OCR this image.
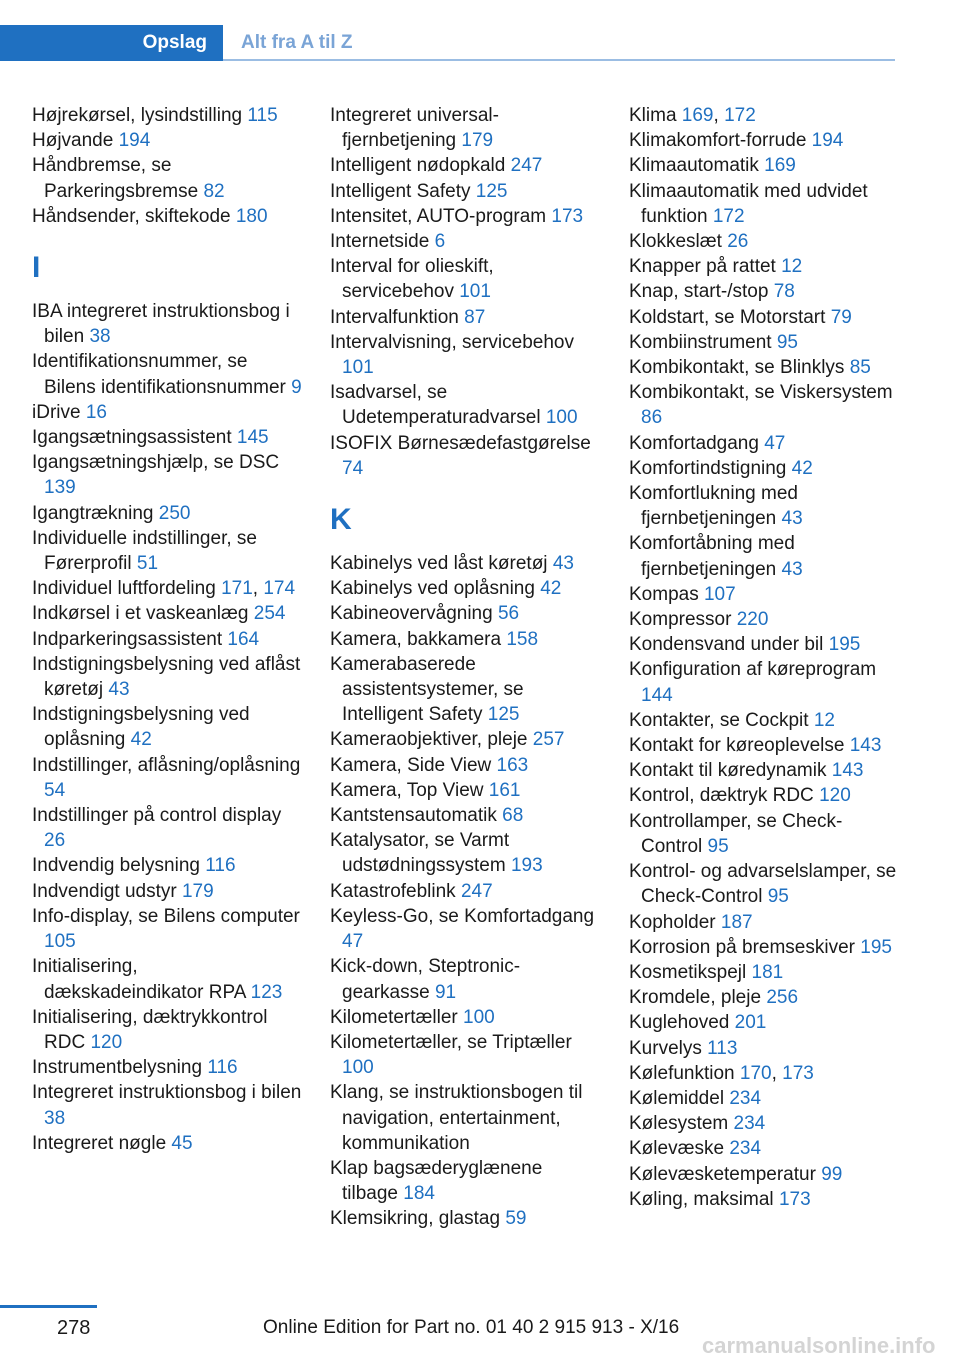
Opslag	Alt fra A til Z
Højrekørsel, lysindstilling 115
Højvande 194
Håndbremse, se Parkeringsbremse 82
Håndsender, skiftekode 180
I
IBA integreret instruktionsbog i bilen 38
Identifikationsnummer, se Bilens identifikationsnummer 9
iDrive 16
Igangsætningsassistent 145
Igangsætningshjælp, se DSC 139
Igangtrækning 250
Individuelle indstillinger, se Førerprofil 51
Individuel luftfordeling 171, 174
Indkørsel i et vaskeanlæg 254
Indparkeringsassistent 164
Indstigningsbelysning ved aflåst køretøj 43
Indstigningsbelysning ved oplåsning 42
Indstillinger, aflåsning/oplåsning 54
Indstillinger på control display 26
Indvendig belysning 116
Indvendigt udstyr 179
Info-display, se Bilens computer 105
Initialisering, dækskadeindikator RPA 123
Initialisering, dæktrykkontrol RDC 120
Instrumentbelysning 116
Integreret instruktionsbog i bilen 38
Integreret nøgle 45
Integreret universal-fjernbetjening 179
Intelligent nødopkald 247
Intelligent Safety 125
Intensitet, AUTO-program 173
Internetside 6
Interval for olieskift, servicebehov 101
Intervalfunktion 87
Intervalvisning, servicebehov 101
Isadvarsel, se Udetemperaturadvarsel 100
ISOFIX Børnesædefastgørelse 74
K
Kabinelys ved låst køretøj 43
Kabinelys ved oplåsning 42
Kabineovervågning 56
Kamera, bakkamera 158
Kamerabaserede assistentsystemer, se Intelligent Safety 125
Kameraobjektiver, pleje 257
Kamera, Side View 163
Kamera, Top View 161
Kantstensautomatik 68
Katalysator, se Varmt udstødningssystem 193
Katastrofeblink 247
Keyless-Go, se Komfortadgang 47
Kick-down, Steptronic-gearkasse 91
Kilometertæller 100
Kilometertæller, se Triptæller 100
Klang, se instruktionsbogen til navigation, entertainment, kommunikation
Klap bagsæderyglænene tilbage 184
Klemsikring, glastag 59
Klima 169, 172
Klimakomfort-forrude 194
Klimaautomatik 169
Klimaautomatik med udvidet funktion 172
Klokkeslæt 26
Knapper på rattet 12
Knap, start-/stop 78
Koldstart, se Motorstart 79
Kombiinstrument 95
Kombikontakt, se Blinklys 85
Kombikontakt, se Viskersystem 86
Komfortadgang 47
Komfortindstigning 42
Komfortlukning med fjernbetjeningen 43
Komfortåbning med fjernbetjeningen 43
Kompas 107
Kompressor 220
Kondensvand under bil 195
Konfiguration af køreprogram 144
Kontakter, se Cockpit 12
Kontakt for køreoplevelse 143
Kontakt til køredynamik 143
Kontrol, dæktryk RDC 120
Kontrollamper, se Check-Control 95
Kontrol- og advarselslamper, se Check-Control 95
Kopholder 187
Korrosion på bremseskiver 195
Kosmetikspejl 181
Kromdele, pleje 256
Kuglehoved 201
Kurvelys 113
Kølefunktion 170, 173
Kølemiddel 234
Kølesystem 234
Kølevæske 234
Kølevæsketemperatur 99
Køling, maksimal 173
278	Online Edition for Part no. 01 40 2 915 913 - X/16
carmanualsonline.info
